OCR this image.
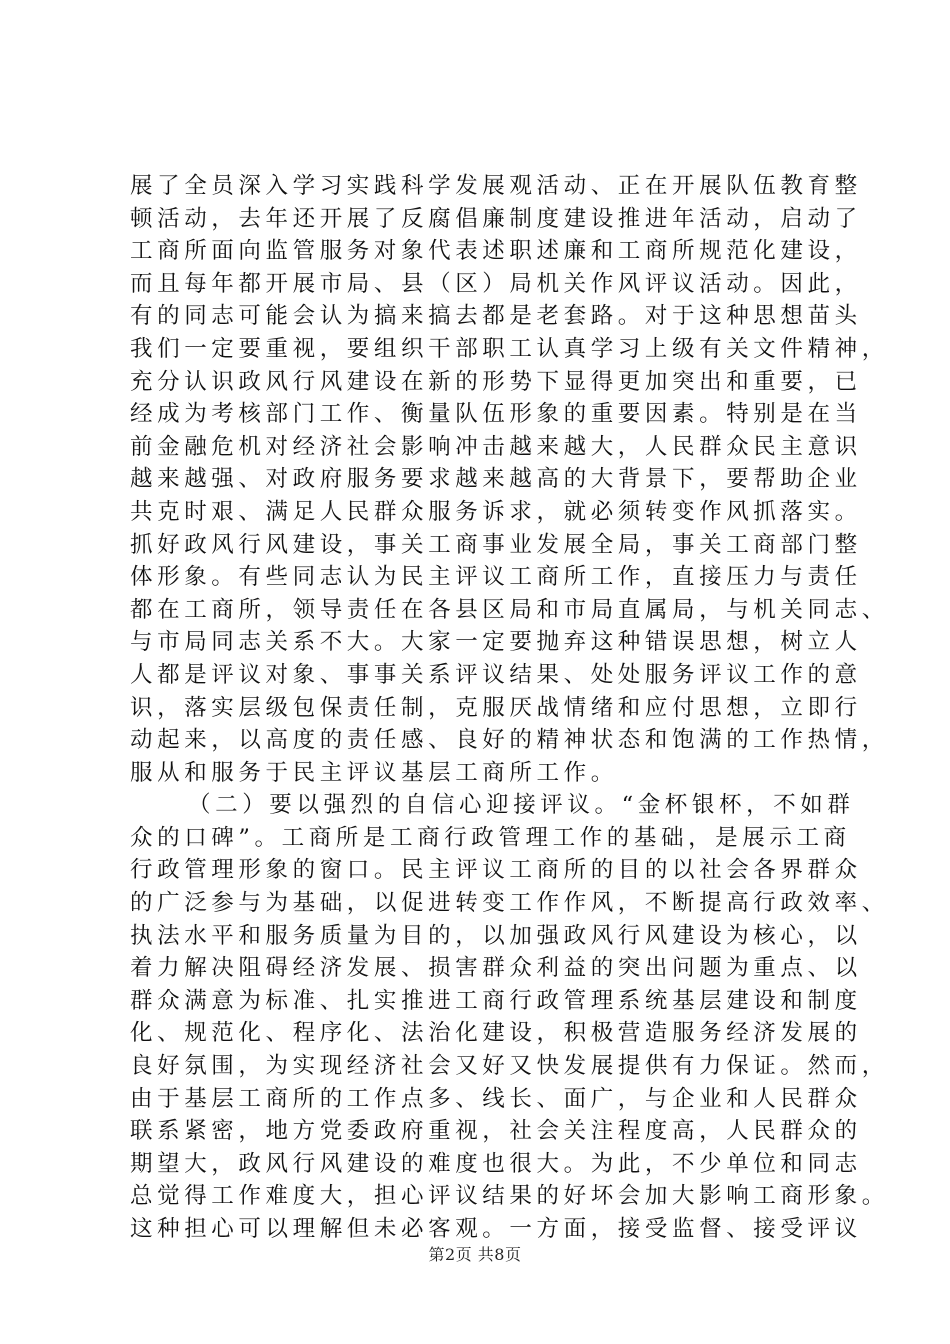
展了全员深入学习实践科学发展观活动、正在开展队伍教育整
顿活动，去年还开展了反腐倡廉制度建设推进年活动，启动了
工商所面向监管服务对象代表述职述廉和工商所规范化建设，
而且每年都开展市局、县（区）局机关作风评议活动。因此，
有的同志可能会认为搞来搞去都是老套路。对于这种思想苗头
我们一定要重视，要组织干部职工认真学习上级有关文件精神，
充分认识政风行风建设在新的形势下显得更加突出和重要，已
经成为考核部门工作、衡量队伍形象的重要因素。特别是在当
前金融危机对经济社会影响冲击越来越大，人民群众民主意识
越来越强、对政府服务要求越来越高的大背景下，要帮助企业
共克时艰、满足人民群众服务诉求，就必须转变作风抓落实。
抓好政风行风建设，事关工商事业发展全局，事关工商部门整
体形象。有些同志认为民主评议工商所工作，直接压力与责任
都在工商所，领导责任在各县区局和市局直属局，与机关同志、
与市局同志关系不大。大家一定要抛弃这种错误思想，树立人
人都是评议对象、事事关系评议结果、处处服务评议工作的意
识，落实层级包保责任制，克服厌战情绪和应付思想，立即行
动起来，以高度的责任感、良好的精神状态和饱满的工作热情，
服从和服务于民主评议基层工商所工作。
（二）要以强烈的自信心迎接评议。“金杯银杯，不如群
众的口碑”。工商所是工商行政管理工作的基础，是展示工商
行政管理形象的窗口。民主评议工商所的目的以社会各界群众
的广泛参与为基础，以促进转变工作作风，不断提高行政效率、
执法水平和服务质量为目的，以加强政风行风建设为核心，以
着力解决阻碍经济发展、损害群众利益的突出问题为重点、以
群众满意为标准、扎实推进工商行政管理系统基层建设和制度
化、规范化、程序化、法治化建设，积极营造服务经济发展的
良好氛围，为实现经济社会又好又快发展提供有力保证。然而，
由于基层工商所的工作点多、线长、面广，与企业和人民群众
联系紧密，地方党委政府重视，社会关注程度高，人民群众的
期望大，政风行风建设的难度也很大。为此，不少单位和同志
总觉得工作难度大，担心评议结果的好坏会加大影响工商形象。
这种担心可以理解但未必客观。一方面，接受监督、接受评议
第2页 共8页
